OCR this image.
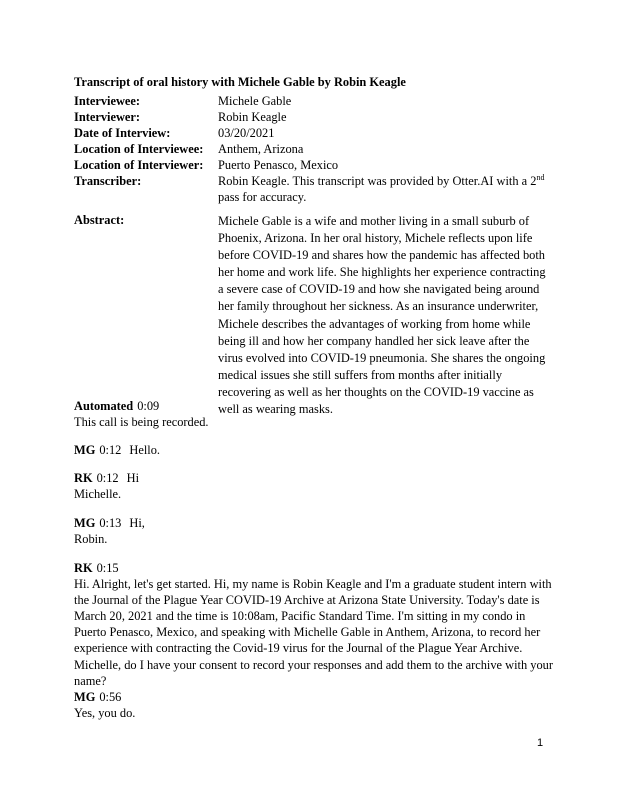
Transcript of oral history with Michele Gable by Robin Keagle
Interviewee:	Michele Gable
Interviewer:	Robin Keagle
Date of Interview:	03/20/2021
Location of Interviewee:	Anthem, Arizona
Location of Interviewer:	Puerto Penasco, Mexico
Transcriber:	Robin Keagle. This transcript was provided by Otter.AI with a 2nd pass for accuracy.
Abstract:	Michele Gable is a wife and mother living in a small suburb of Phoenix, Arizona. In her oral history, Michele reflects upon life before COVID-19 and shares how the pandemic has affected both her home and work life. She highlights her experience contracting a severe case of COVID-19 and how she navigated being around her family throughout her sickness. As an insurance underwriter, Michele describes the advantages of working from home while being ill and how her company handled her sick leave after the virus evolved into COVID-19 pneumonia. She shares the ongoing medical issues she still suffers from months after initially recovering as well as her thoughts on the COVID-19 vaccine as well as wearing masks.
Automated 0:09
This call is being recorded.
MG 0:12 Hello.
RK 0:12 Hi
Michelle.
MG 0:13 Hi,
Robin.
RK 0:15
Hi. Alright, let's get started. Hi, my name is Robin Keagle and I'm a graduate student intern with the Journal of the Plague Year COVID-19 Archive at Arizona State University. Today's date is March 20, 2021 and the time is 10:08am, Pacific Standard Time. I'm sitting in my condo in Puerto Penasco, Mexico, and speaking with Michelle Gable in Anthem, Arizona, to record her experience with contracting the Covid-19 virus for the Journal of the Plague Year Archive. Michelle, do I have your consent to record your responses and add them to the archive with your name?
MG 0:56
Yes, you do.
1
